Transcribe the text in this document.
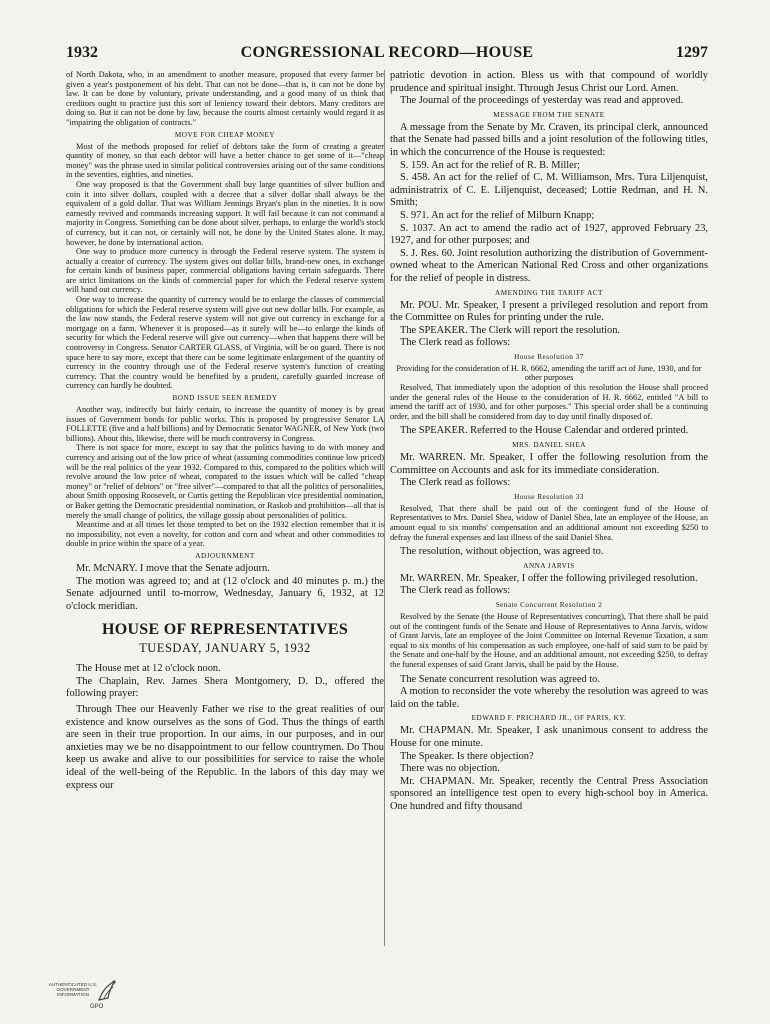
1932	CONGRESSIONAL RECORD—HOUSE	1297

of North Dakota, who, in an amendment to another measure, proposed that every farmer be given a year's postponement of his debt. That can not be done—that is, it can not be done by law. It can be done by voluntary, private understanding, and a good many of us think that creditors ought to practice just this sort of leniency toward their debtors. Many creditors are doing so. But it can not be done by law, because the courts almost certainly would regard it as "impairing the obligation of contracts."

MOVE FOR CHEAP MONEY

Most of the methods proposed for relief of debtors take the form of creating a greater quantity of money, so that each debtor will have a better chance to get some of it—"cheap money" was the phrase used in similar political controversies arising out of the same conditions in the seventies, eighties, and nineties.

One way proposed is that the Government shall buy large quantities of silver bullion and coin it into silver dollars, coupled with a decree that a silver dollar shall always be the equivalent of a gold dollar. That was William Jennings Bryan's plan in the nineties. It is now earnestly revived and commands increasing support. It will fail because it can not command a majority in Congress. Something can be done about silver, perhaps, to enlarge the world's stock of currency, but it can not, or certainly will not, be done by the United States alone. It may, however, be done by international action.

One way to produce more currency is through the Federal reserve system. The system is actually a creator of currency. The system gives out dollar bills, brand-new ones, in exchange for certain kinds of business paper, commercial obligations having certain safeguards. There are strict limitations on the kinds of commercial paper for which the Federal reserve system will hand out currency.

One way to increase the quantity of currency would be to enlarge the classes of commercial obligations for which the Federal reserve system will give out new dollar bills. For example, as the law now stands, the Federal reserve system will not give out currency in exchange for a mortgage on a farm. Whenever it is proposed—as it surely will be—to enlarge the kinds of security for which the Federal reserve will give out currency—when that happens there will be controversy in Congress. Senator CARTER GLASS, of Virginia, will be on guard. There is not space here to say more, except that there can be some legitimate enlargement of the quantity of currency in the country through use of the Federal reserve system's function of creating currency. That the country would be benefited by a prudent, carefully guarded increase of currency can hardly be doubted.

BOND ISSUE SEEN REMEDY

Another way, indirectly but fairly certain, to increase the quantity of money is by great issues of Government bonds for public works. This is proposed by progressive Senator LA FOLLETTE (five and a half billions) and by Democratic Senator WAGNER, of New York (two billions). About this, likewise, there will be much controversy in Congress.

There is not space for more, except to say that the politics having to do with money and currency and arising out of the low price of wheat (assuming commodities continue low priced) will be the real politics of the year 1932. Compared to this, compared to the politics which will revolve around the low price of wheat, compared to the issues which will be called "cheap money" or "relief of debtors" or "free silver"—compared to that all the politics of personalities, about Smith opposing Roosevelt, or Curtis getting the Republican vice presidential nomination, or Baker getting the Democratic presidential nomination, or Raskob and prohibition—all that is merely the small change of politics, the village gossip about personalities of politics.

Meantime and at all times let those tempted to bet on the 1932 election remember that it is no impossibility, not even a novelty, for cotton and corn and wheat and other commodities to double in price within the space of a year.

ADJOURNMENT

Mr. McNARY. I move that the Senate adjourn.

The motion was agreed to; and at (12 o'clock and 40 minutes p. m.) the Senate adjourned until to-morrow, Wednesday, January 6, 1932, at 12 o'clock meridian.

HOUSE OF REPRESENTATIVES
TUESDAY, JANUARY 5, 1932

The House met at 12 o'clock noon.

The Chaplain, Rev. James Shera Montgomery, D. D., offered the following prayer:

Through Thee our Heavenly Father we rise to the great realities of our existence and know ourselves as the sons of God. Thus the things of earth are seen in their true proportion. In our aims, in our purposes, and in our anxieties may we be no disappointment to our fellow countrymen. Do Thou keep us awake and alive to our possibilities for service to raise the whole ideal of the well-being of the Republic. In the labors of this day may we express our

patriotic devotion in action. Bless us with that compound of worldly prudence and spiritual insight. Through Jesus Christ our Lord. Amen.

The Journal of the proceedings of yesterday was read and approved.

MESSAGE FROM THE SENATE

A message from the Senate by Mr. Craven, its principal clerk, announced that the Senate had passed bills and a joint resolution of the following titles, in which the concurrence of the House is requested:

S. 159. An act for the relief of R. B. Miller;

S. 458. An act for the relief of C. M. Williamson, Mrs. Tura Liljenquist, administratrix of C. E. Liljenquist, deceased; Lottie Redman, and H. N. Smith;

S. 971. An act for the relief of Milburn Knapp;

S. 1037. An act to amend the radio act of 1927, approved February 23, 1927, and for other purposes; and

S. J. Res. 60. Joint resolution authorizing the distribution of Government-owned wheat to the American National Red Cross and other organizations for the relief of people in distress.

AMENDING THE TARIFF ACT

Mr. POU. Mr. Speaker, I present a privileged resolution and report from the Committee on Rules for printing under the rule.

The SPEAKER. The Clerk will report the resolution.

The Clerk read as follows:

House Resolution 37

Providing for the consideration of H. R. 6662, amending the tariff act of June, 1930, and for other purposes

Resolved, That immediately upon the adoption of this resolution the House shall proceed under the general rules of the House to the consideration of H. R. 6662, entitled "A bill to amend the tariff act of 1930, and for other purposes." This special order shall be a continuing order, and the bill shall be considered from day to day until finally disposed of.

The SPEAKER. Referred to the House Calendar and ordered printed.

MRS. DANIEL SHEA

Mr. WARREN. Mr. Speaker, I offer the following resolution from the Committee on Accounts and ask for its immediate consideration.

The Clerk read as follows:

House Resolution 33

Resolved, That there shall be paid out of the contingent fund of the House of Representatives to Mrs. Daniel Shea, widow of Daniel Shea, late an employee of the House, an amount equal to six months' compensation and an additional amount not exceeding $250 to defray the funeral expenses and last illness of the said Daniel Shea.

The resolution, without objection, was agreed to.

ANNA JARVIS

Mr. WARREN. Mr. Speaker, I offer the following privileged resolution.

The Clerk read as follows:

Senate Concurrent Resolution 2

Resolved by the Senate (the House of Representatives concurring), That there shall be paid out of the contingent funds of the Senate and House of Representatives to Anna Jarvis, widow of Grant Jarvis, late an employee of the Joint Committee on Internal Revenue Taxation, a sum equal to six months of his compensation as such employee, one-half of said sum to be paid by the Senate and one-half by the House, and an additional amount, not exceeding $250, to defray the funeral expenses of said Grant Jarvis, shall be paid by the House.

The Senate concurrent resolution was agreed to.

A motion to reconsider the vote whereby the resolution was agreed to was laid on the table.

EDWARD F. PRICHARD JR., OF PARIS, KY.

Mr. CHAPMAN. Mr. Speaker, I ask unanimous consent to address the House for one minute.

The Speaker. Is there objection?

There was no objection.

Mr. CHAPMAN. Mr. Speaker, recently the Central Press Association sponsored an intelligence test open to every high-school boy in America. One hundred and fifty thousand

AUTHENTICATED U.S. GOVERNMENT INFORMATION
GPO
